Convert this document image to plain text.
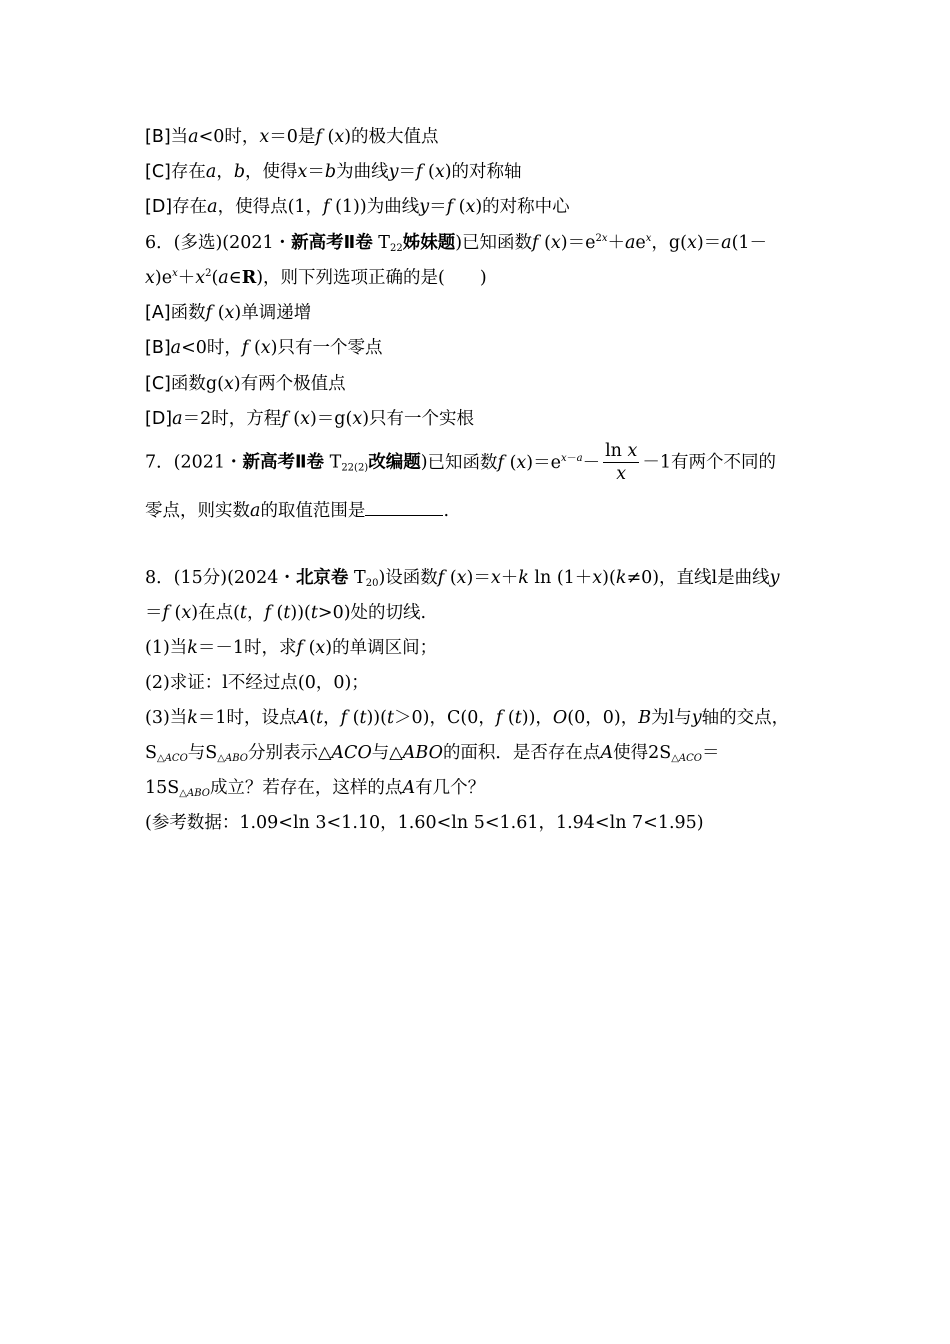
[B]当a<0时，x＝0是f (x)的极大值点
[C]存在a，b，使得x＝b为曲线y＝f (x)的对称轴
[D]存在a，使得点(1，f (1))为曲线y＝f (x)的对称中心
6．(多选)(2021・新高考Ⅱ卷 $T_{22}$姊妹题)已知函数f $(x)=e^{2x}+ae^x$，g(x)＝a(1－
$x)e^x+x^2(a\in R)$，则下列选项正确的是(　　)
[A]函数f (x)单调递增
[B]a<0时，f (x)只有一个零点
[C]函数g(x)有两个极值点
[D]a＝2时，方程f (x)＝g(x)只有一个实根
7．(2021・新高考Ⅱ卷 $T_{22(2)}$改编题)已知函数f $(x)=e^{x-a}- \frac{\text{ln x}}{x} -1$有两个不同的
零点，则实数a的取值范围是	.
8．(15分)(2024・北京卷 $T_{20}$)设函数f (x)＝x＋k ln (1＋x)(k≠0)，直线l是曲线y
＝f (x)在点(t，f (t))(t>0)处的切线.
(1)当k＝－1时，求f (x)的单调区间；
(2)求证：l不经过点(0，0)；
(3)当k＝1时，设点A(t，f (t))(t＞0)，C(0，f (t))，O(0，0)，B为l与y轴的交点，
$S_{\triangle ACO}$与$S_{\triangle ABO}$分别表示△ACO与△ABO的面积．是否存在点A使得$2S_{\triangle ACO}=$
$15S_{\triangle ABO}$成立？若存在，这样的点A有几个？
(参考数据：1.09<ln 3<1.10，1.60<ln 5<1.61，1.94<ln 7<1.95)
